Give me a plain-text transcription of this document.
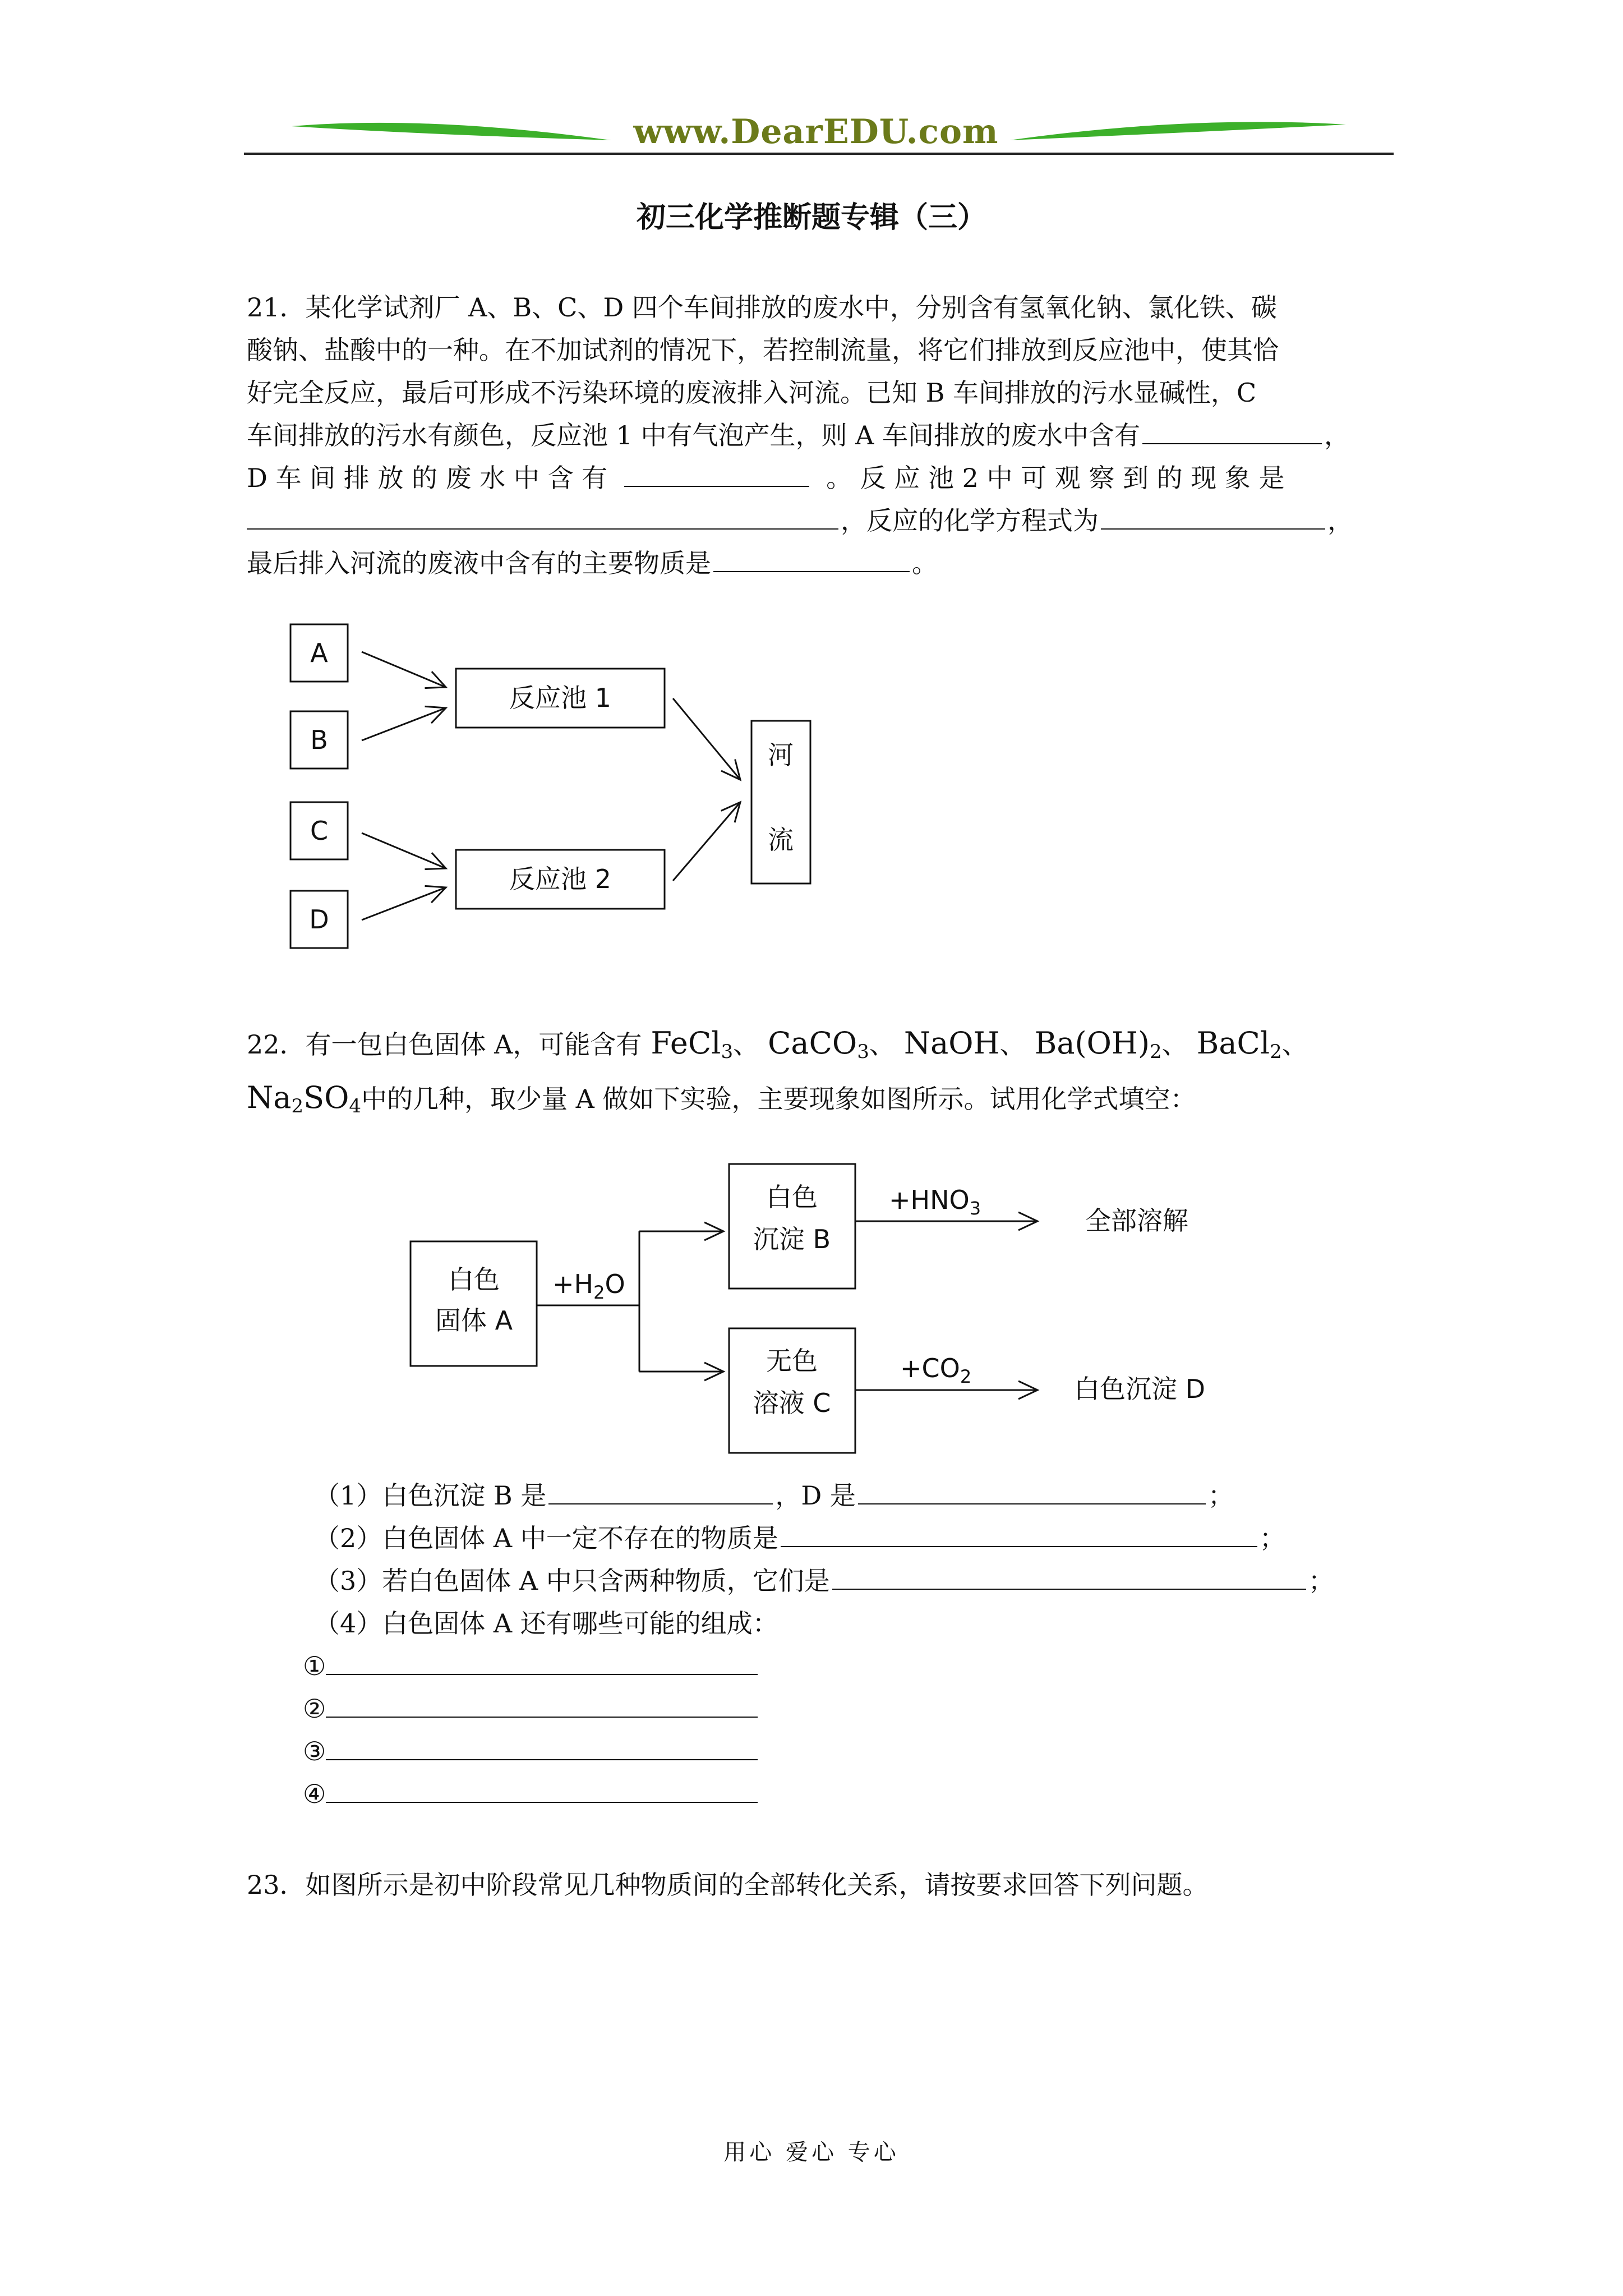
www.DearEDU.com
初三化学推断题专辑（三）
21．某化学试剂厂 A、B、C、D 四个车间排放的废水中，分别含有氢氧化钠、氯化铁、碳
酸钠、盐酸中的一种。在不加试剂的情况下，若控制流量，将它们排放到反应池中，使其恰
好完全反应，最后可形成不污染环境的废液排入河流。已知 B 车间排放的污水显碱性，C
车间排放的污水有颜色，反应池 1 中有气泡产生，则 A 车间排放的废水中含有	，
D 车 间 排 放 的 废 水 中 含 有	。 反 应 池 2 中 可 观 察 到 的 现 象 是
，反应的化学方程式为	，
最后排入河流的废液中含有的主要物质是	。
A
B
C
D
反应池 1
反应池 2
河
流
22．有一包白色固体 A，可能含有 FeCl$_3$ 、 CaCO$_3$ 、 NaOH 、 $Ba(OH)_2$ 、 BaCl$_2$ 、
$Na_2SO_4$ 中的几种，取少量 A 做如下实验，主要现象如图所示。试用化学式填空：
白色
固体 A
$+H_2O$
白色
沉淀 B
无色
溶液 C
$+HNO_3$	全部溶解
$+CO_2$	白色沉淀 D
（1）白色沉淀 B 是	，D 是	；
（2）白色固体 A 中一定不存在的物质是	；
（3）若白色固体 A 中只含两种物质，它们是	；
（4）白色固体 A 还有哪些可能的组成：
①
②
③
④
23．如图所示是初中阶段常见几种物质间的全部转化关系，请按要求回答下列问题。
用心 爱心 专心
